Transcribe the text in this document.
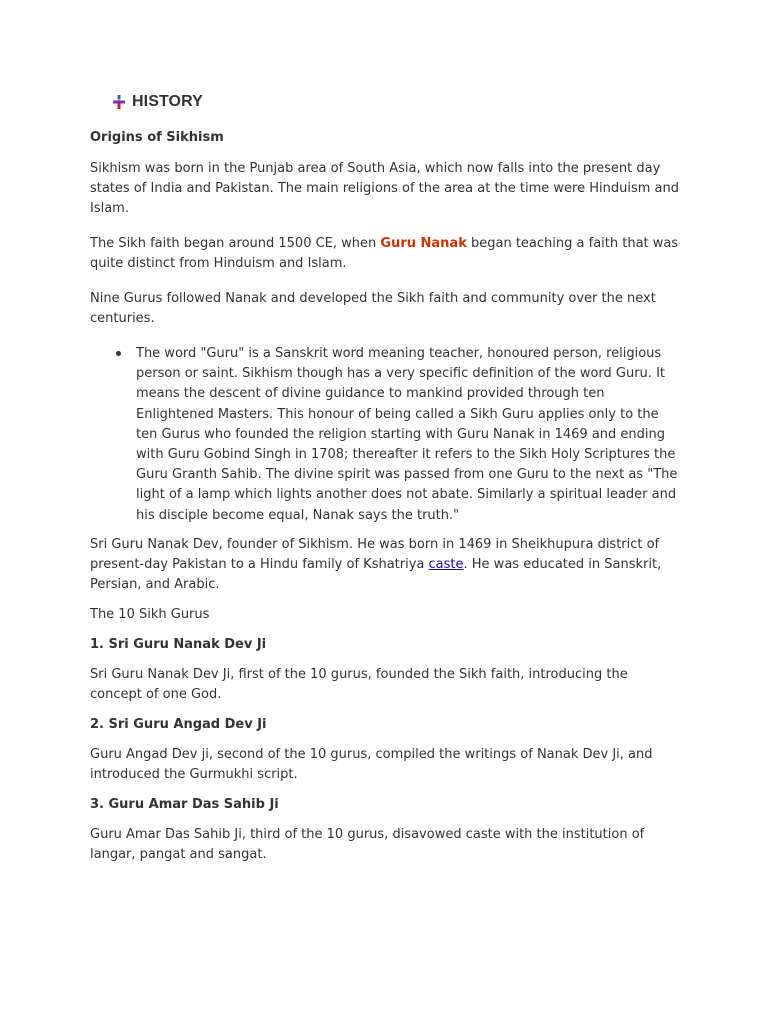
HISTORY
Origins of Sikhism
Sikhism was born in the Punjab area of South Asia, which now falls into the present day states of India and Pakistan. The main religions of the area at the time were Hinduism and Islam.
The Sikh faith began around 1500 CE, when Guru Nanak began teaching a faith that was quite distinct from Hinduism and Islam.
Nine Gurus followed Nanak and developed the Sikh faith and community over the next centuries.
The word "Guru" is a Sanskrit word meaning teacher, honoured person, religious person or saint. Sikhism though has a very specific definition of the word Guru. It means the descent of divine guidance to mankind provided through ten Enlightened Masters. This honour of being called a Sikh Guru applies only to the ten Gurus who founded the religion starting with Guru Nanak in 1469 and ending with Guru Gobind Singh in 1708; thereafter it refers to the Sikh Holy Scriptures the Guru Granth Sahib. The divine spirit was passed from one Guru to the next as "The light of a lamp which lights another does not abate. Similarly a spiritual leader and his disciple become equal, Nanak says the truth."
Sri Guru Nanak Dev, founder of Sikhism. He was born in 1469 in Sheikhupura district of present-day Pakistan to a Hindu family of Kshatriya caste. He was educated in Sanskrit, Persian, and Arabic.
The 10 Sikh Gurus
1. Sri Guru Nanak Dev Ji
Sri Guru Nanak Dev Ji, first of the 10 gurus, founded the Sikh faith, introducing the concept of one God.
2. Sri Guru Angad Dev Ji
Guru Angad Dev ji, second of the 10 gurus, compiled the writings of Nanak Dev Ji, and introduced the Gurmukhi script.
3. Guru Amar Das Sahib Ji
Guru Amar Das Sahib Ji, third of the 10 gurus, disavowed caste with the institution of langar, pangat and sangat.
